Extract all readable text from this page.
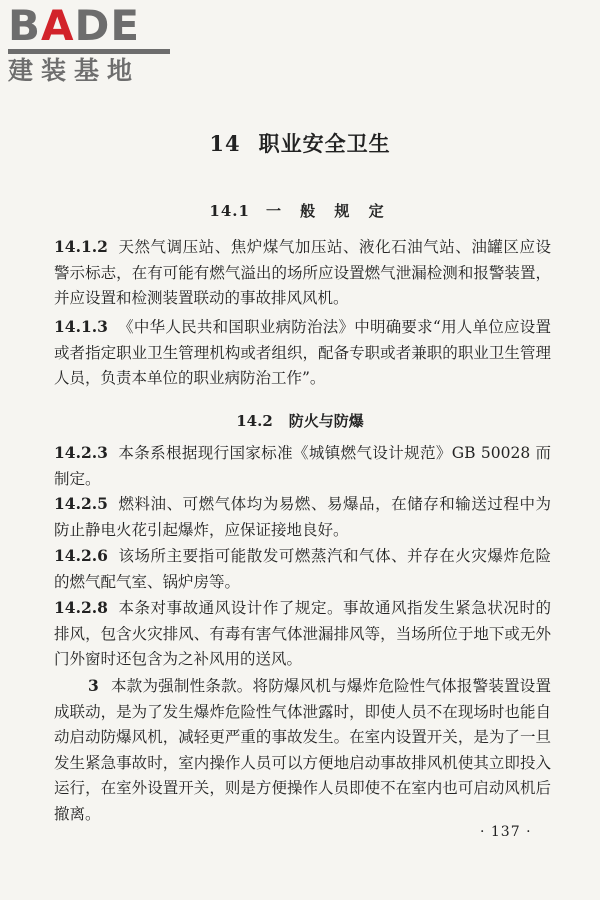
BADE
建装基地
14 职业安全卫生
14.1 一 般 规 定
14.1.2 天然气调压站、焦炉煤气加压站、液化石油气站、油罐区应设警示标志，在有可能有燃气溢出的场所应设置燃气泄漏检测和报警装置，并应设置和检测装置联动的事故排风风机。
14.1.3 《中华人民共和国职业病防治法》中明确要求“用人单位应设置或者指定职业卫生管理机构或者组织，配备专职或者兼职的职业卫生管理人员，负责本单位的职业病防治工作”。
14.2 防火与防爆
14.2.3 本条系根据现行国家标准《城镇燃气设计规范》GB 50028 而制定。
14.2.5 燃料油、可燃气体均为易燃、易爆品，在储存和输送过程中为防止静电火花引起爆炸，应保证接地良好。
14.2.6 该场所主要指可能散发可燃蒸汽和气体、并存在火灾爆炸危险的燃气配气室、锅炉房等。
14.2.8 本条对事故通风设计作了规定。事故通风指发生紧急状况时的排风，包含火灾排风、有毒有害气体泄漏排风等，当场所位于地下或无外门外窗时还包含为之补风用的送风。
3 本款为强制性条款。将防爆风机与爆炸危险性气体报警装置设置成联动，是为了发生爆炸危险性气体泄露时，即使人员不在现场时也能自动启动防爆风机，减轻更严重的事故发生。在室内设置开关，是为了一旦发生紧急事故时，室内操作人员可以方便地启动事故排风机使其立即投入运行，在室外设置开关，则是方便操作人员即使不在室内也可启动风机后撤离。
· 137 ·
